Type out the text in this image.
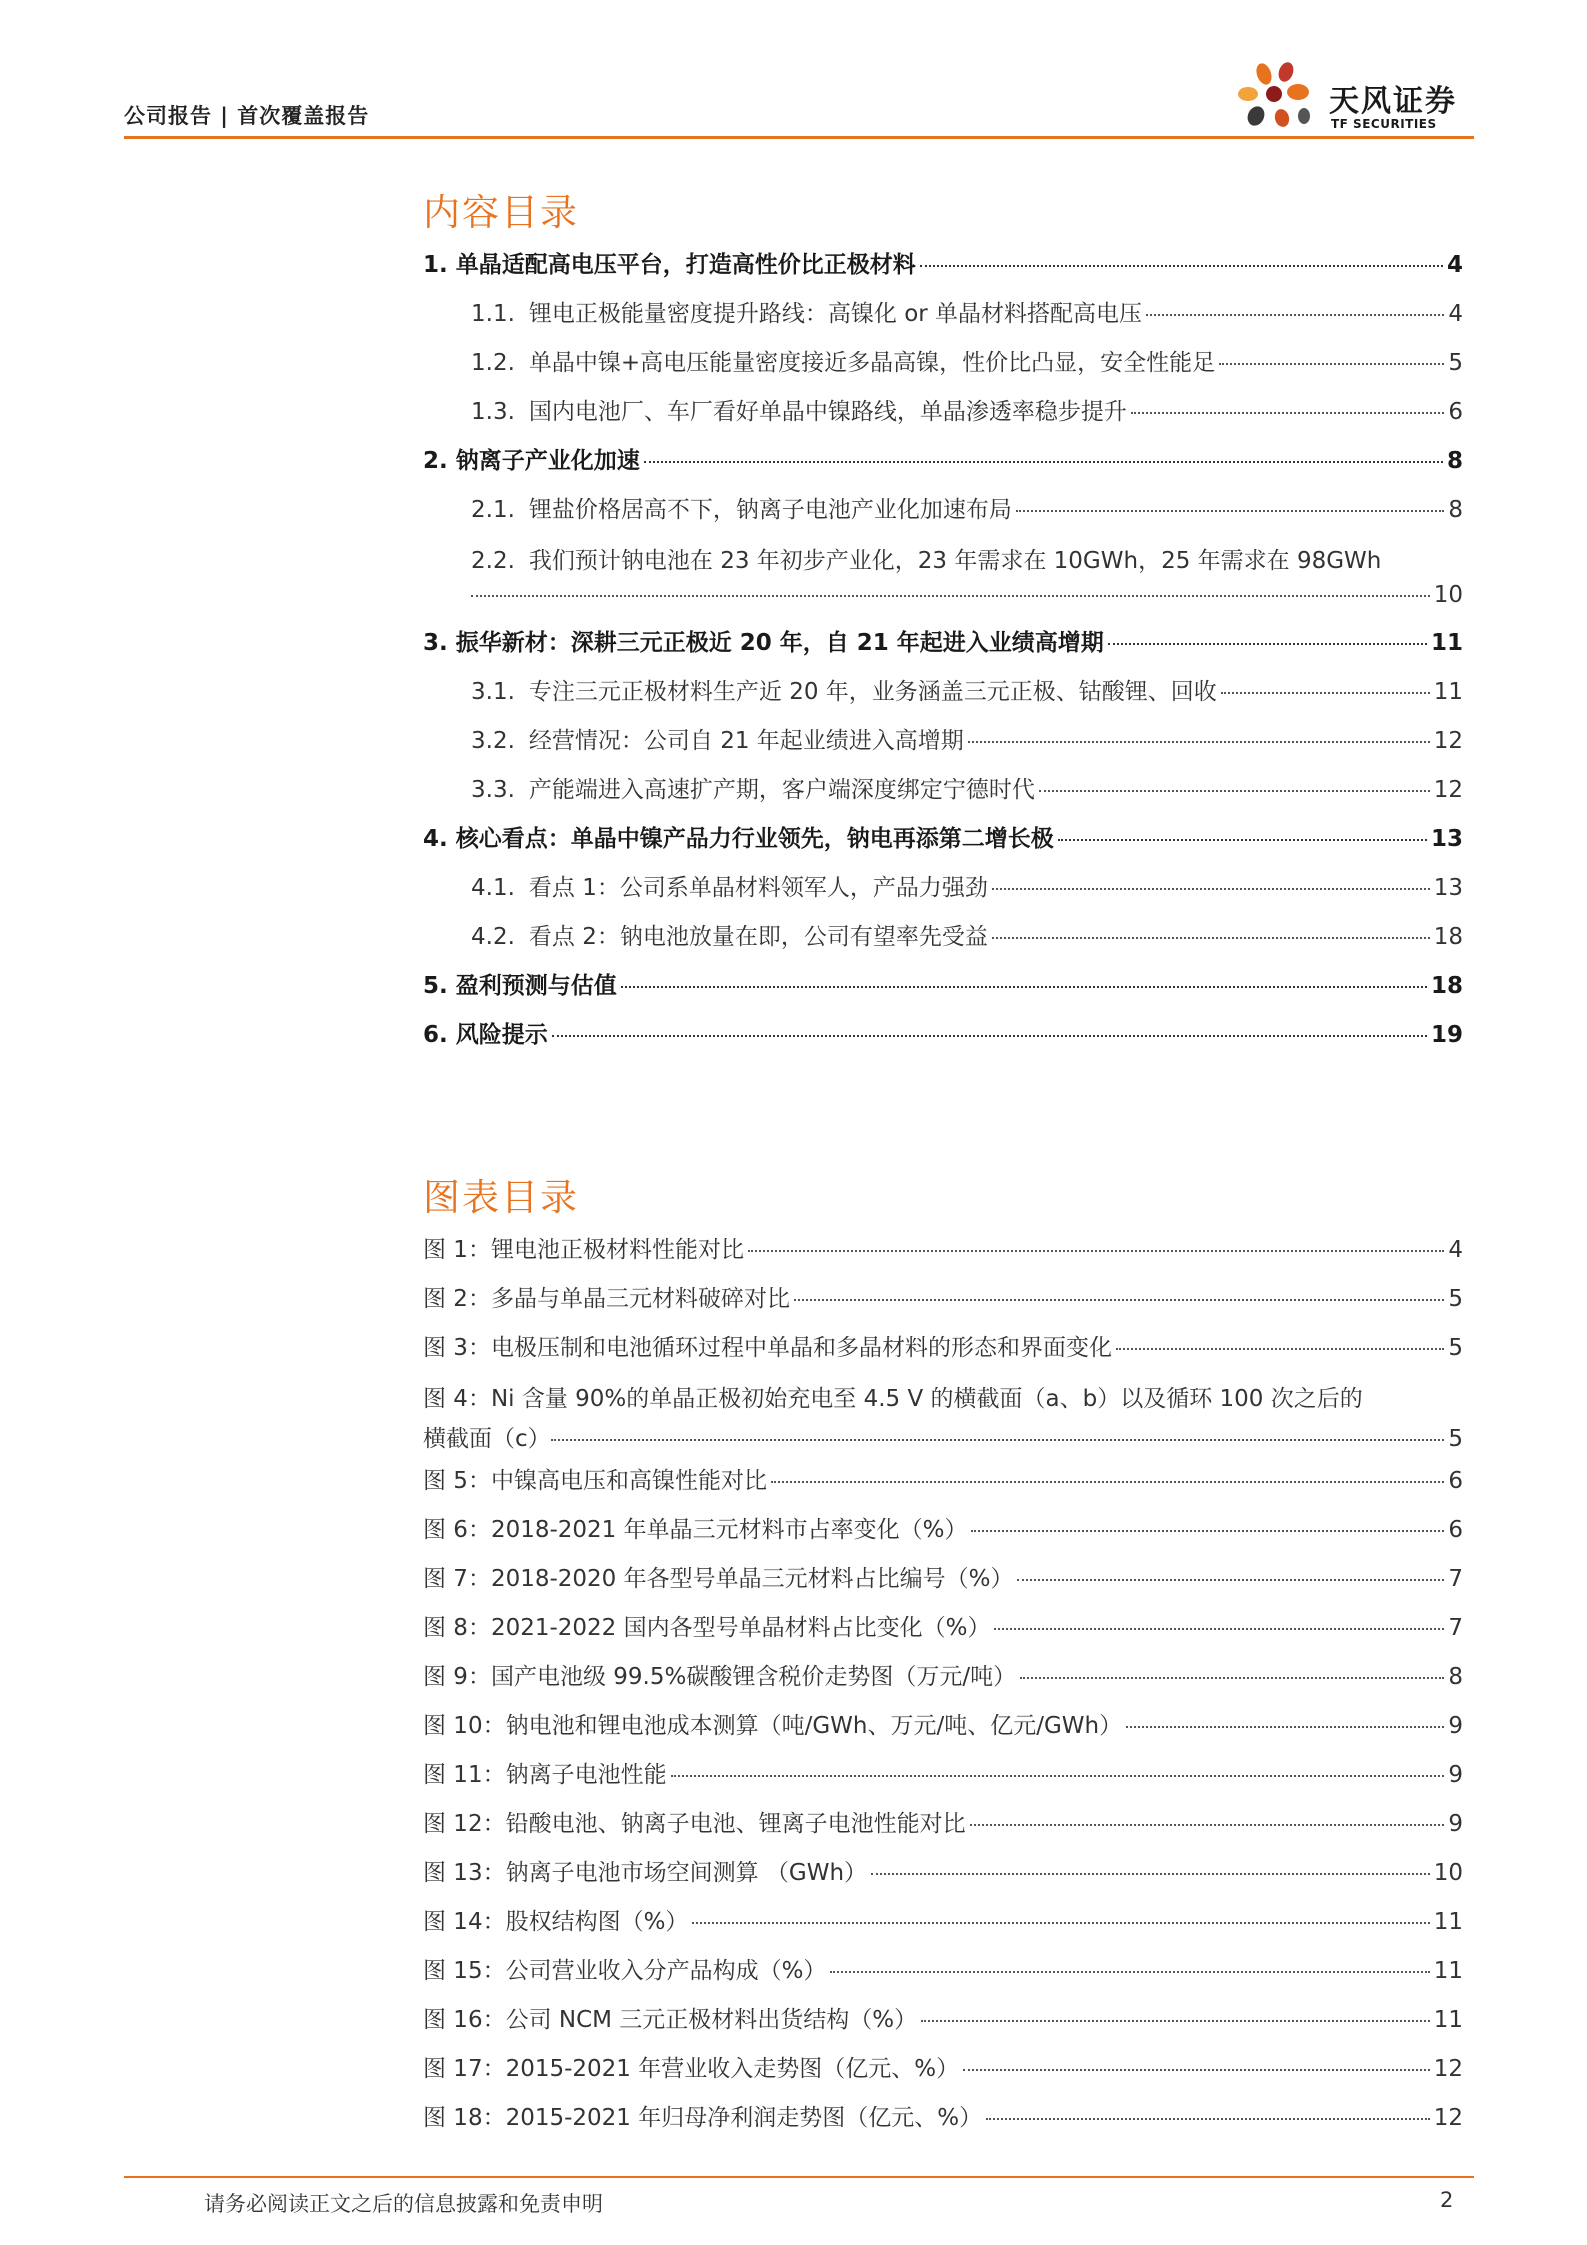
公司报告 | 首次覆盖报告	天风证券
TF SECURITIES
内容目录
1. 单晶适配高电压平台，打造高性价比正极材料	4
1.1. 锂电正极能量密度提升路线：高镍化 or 单晶材料搭配高电压	4
1.2. 单晶中镍+高电压能量密度接近多晶高镍，性价比凸显，安全性能足	5
1.3. 国内电池厂、车厂看好单晶中镍路线，单晶渗透率稳步提升	6
2. 钠离子产业化加速	8
2.1. 锂盐价格居高不下，钠离子电池产业化加速布局	8
2.2. 我们预计钠电池在 23 年初步产业化，23 年需求在 10GWh，25 年需求在 98GWh
10
3. 振华新材：深耕三元正极近 20 年，自 21 年起进入业绩高增期	11
3.1. 专注三元正极材料生产近 20 年，业务涵盖三元正极、钴酸锂、回收	11
3.2. 经营情况：公司自 21 年起业绩进入高增期	12
3.3. 产能端进入高速扩产期，客户端深度绑定宁德时代	12
4. 核心看点：单晶中镍产品力行业领先，钠电再添第二增长极	13
4.1. 看点 1：公司系单晶材料领军人，产品力强劲	13
4.2. 看点 2：钠电池放量在即，公司有望率先受益	18
5. 盈利预测与估值	18
6. 风险提示	19
图表目录
图 1：锂电池正极材料性能对比	4
图 2：多晶与单晶三元材料破碎对比	5
图 3：电极压制和电池循环过程中单晶和多晶材料的形态和界面变化	5
图 4：Ni 含量 90%的单晶正极初始充电至 4.5 V 的横截面（a、b）以及循环 100 次之后的
横截面（c）	5
图 5：中镍高电压和高镍性能对比	6
图 6：2018-2021 年单晶三元材料市占率变化（%）	6
图 7：2018-2020 年各型号单晶三元材料占比编号（%）	7
图 8：2021-2022 国内各型号单晶材料占比变化（%）	7
图 9：国产电池级 99.5%碳酸锂含税价走势图（万元/吨）	8
图 10：钠电池和锂电池成本测算（吨/GWh、万元/吨、亿元/GWh）	9
图 11：钠离子电池性能	9
图 12：铅酸电池、钠离子电池、锂离子电池性能对比	9
图 13：钠离子电池市场空间测算 （GWh）	10
图 14：股权结构图（%）	11
图 15：公司营业收入分产品构成（%）	11
图 16：公司 NCM 三元正极材料出货结构（%）	11
图 17：2015-2021 年营业收入走势图（亿元、%）	12
图 18：2015-2021 年归母净利润走势图（亿元、%）	12
请务必阅读正文之后的信息披露和免责申明	2
